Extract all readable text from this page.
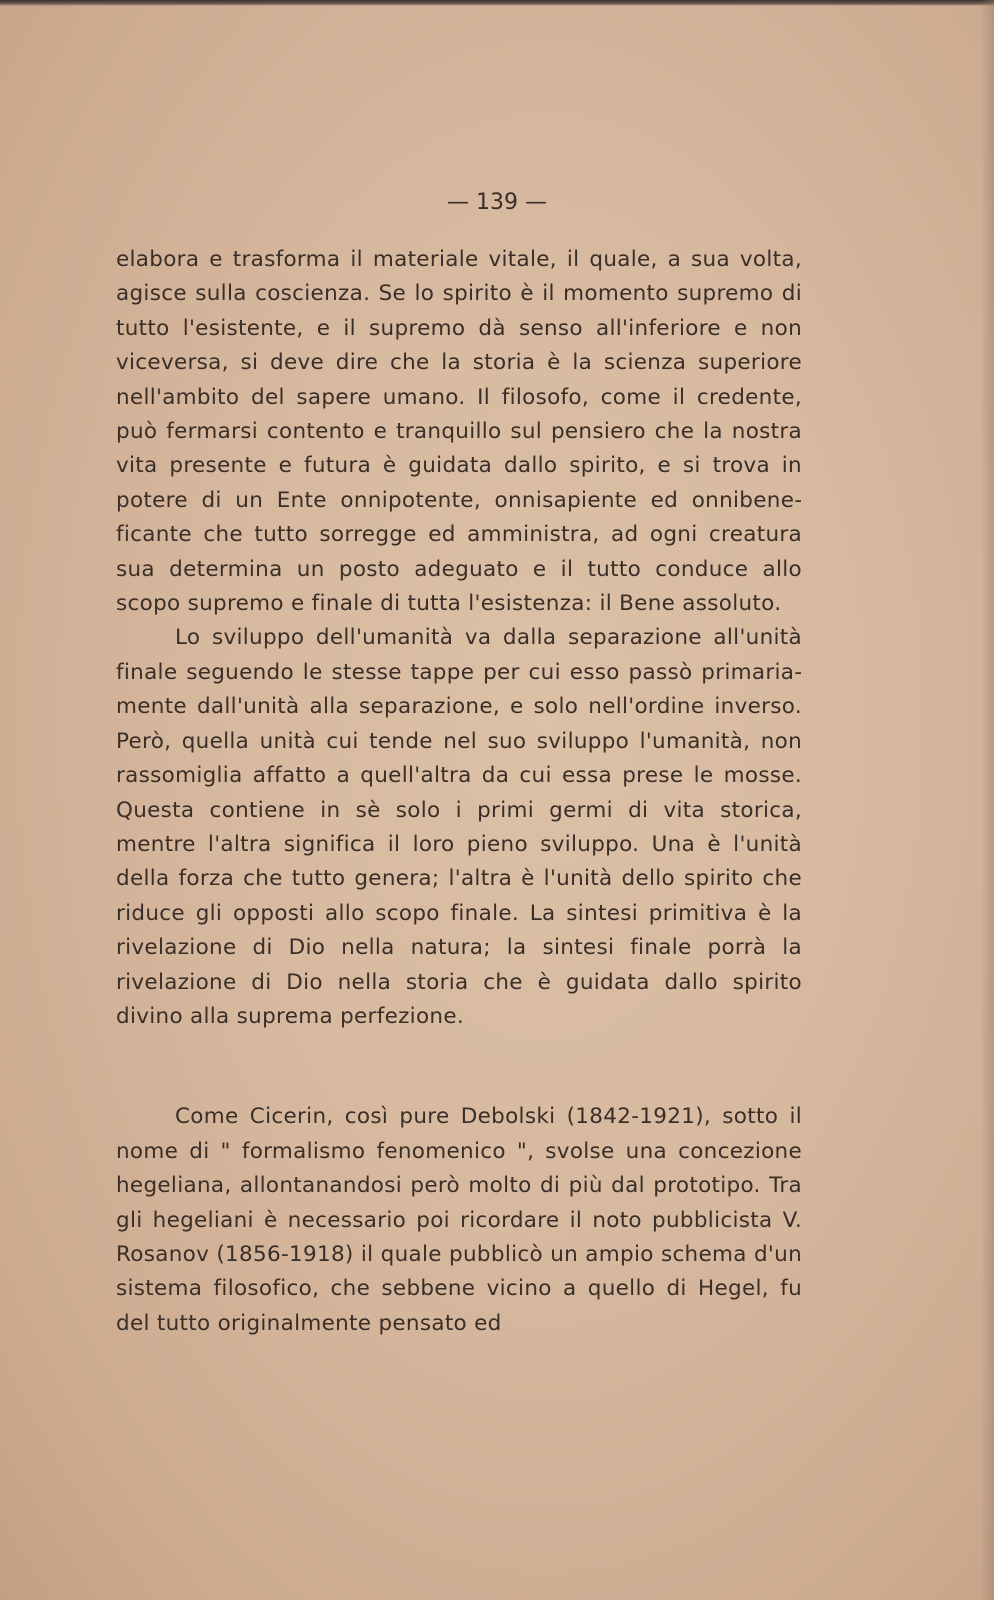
— 139 —

elabora e trasforma il materiale vitale, il quale, a sua volta, agisce sulla coscienza. Se lo spirito è il momento supremo di tutto l'esistente, e il supremo dà senso all'inferiore e non viceversa, si deve dire che la storia è la scienza superiore nell'ambito del sapere umano. Il filosofo, come il credente, può fermarsi contento e tranquillo sul pensiero che la nostra vita presente e futura è guidata dallo spirito, e si trova in potere di un Ente onnipotente, onnisapiente ed onnibeneficante che tutto sorregge ed amministra, ad ogni creatura sua determina un posto adeguato e il tutto conduce allo scopo supremo e finale di tutta l'esistenza: il Bene assoluto.

Lo sviluppo dell'umanità va dalla separazione all'unità finale seguendo le stesse tappe per cui esso passò primariamente dall'unità alla separazione, e solo nell'ordine inverso. Però, quella unità cui tende nel suo sviluppo l'umanità, non rassomiglia affatto a quell'altra da cui essa prese le mosse. Questa contiene in sè solo i primi germi di vita storica, mentre l'altra significa il loro pieno sviluppo. Una è l'unità della forza che tutto genera; l'altra è l'unità dello spirito che riduce gli opposti allo scopo finale. La sintesi primitiva è la rivelazione di Dio nella natura; la sintesi finale porrà la rivelazione di Dio nella storia che è guidata dallo spirito divino alla suprema perfezione.

Come Cicerin, così pure Debolski (1842-1921), sotto il nome di " formalismo fenomenico ", svolse una concezione hegeliana, allontanandosi però molto di più dal prototipo. Tra gli hegeliani è necessario poi ricordare il noto pubblicista V. Rosanov (1856-1918) il quale pubblicò un ampio schema d'un sistema filosofico, che sebbene vicino a quello di Hegel, fu del tutto originalmente pensato ed
